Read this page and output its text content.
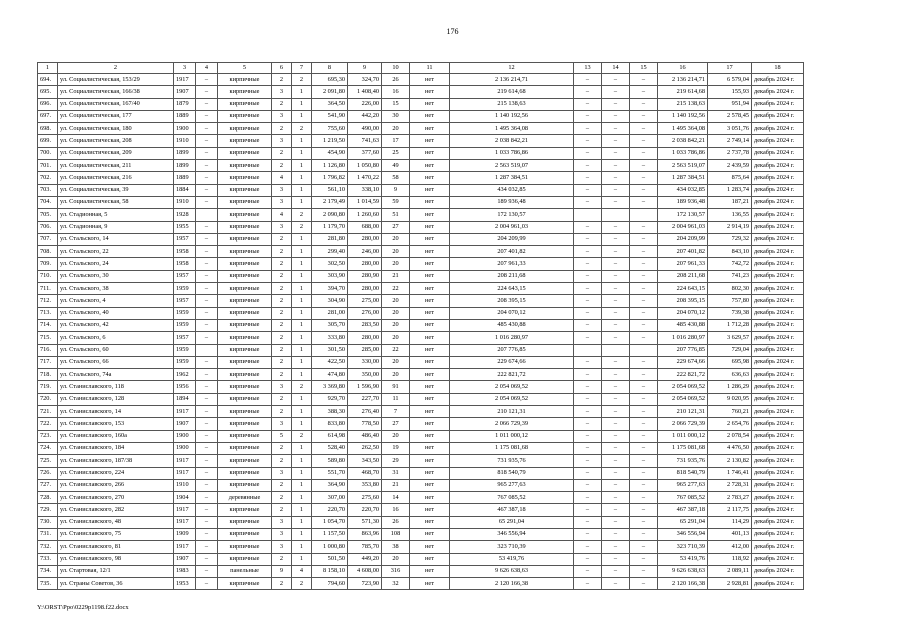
176
1	2	3	4	5	6	7	8	9	10	11	12	13	14	15	16	17	18
694.	ул. Социалистическая, 153/29	1917	–	кирпичные	2	2	695,30	324,70	26	нет	2 136 214,71	–	–	–	2 136 214,71	6 579,04	декабрь 2024 г.
695.	ул. Социалистическая, 166/38	1907	–	кирпичные	3	1	2 091,80	1 408,40	16	нет	219 614,68	–	–	–	219 614,68	155,93	декабрь 2024 г.
696.	ул. Социалистическая, 167/40	1879	–	кирпичные	2	1	364,50	226,00	15	нет	215 138,63	–	–	–	215 138,63	951,94	декабрь 2024 г.
697.	ул. Социалистическая, 177	1889	–	кирпичные	3	1	541,90	442,20	30	нет	1 140 192,56	–	–	–	1 140 192,56	2 578,45	декабрь 2024 г.
698.	ул. Социалистическая, 180	1900	–	кирпичные	2	2	755,60	490,00	20	нет	1 495 364,08	–	–	–	1 495 364,08	3 051,76	декабрь 2024 г.
699.	ул. Социалистическая, 208	1910	–	кирпичные	3	1	1 219,50	741,63	17	нет	2 038 842,21	–	–	–	2 038 842,21	2 749,14	декабрь 2024 г.
700.	ул. Социалистическая, 209	1899	–	кирпичные	2	1	454,90	377,60	25	нет	1 033 786,86	–	–	–	1 033 786,86	2 737,78	декабрь 2024 г.
701.	ул. Социалистическая, 211	1899	–	кирпичные	2	1	1 126,80	1 050,80	49	нет	2 563 519,07	–	–	–	2 563 519,07	2 439,59	декабрь 2024 г.
702.	ул. Социалистическая, 216	1889	–	кирпичные	4	1	1 796,82	1 470,22	58	нет	1 287 384,51	–	–	–	1 287 384,51	875,64	декабрь 2024 г.
703.	ул. Социалистическая, 39	1884	–	кирпичные	3	1	561,10	338,10	9	нет	434 032,85	–	–	–	434 032,85	1 283,74	декабрь 2024 г.
704.	ул. Социалистическая, 58	1910	–	кирпичные	3	1	2 179,49	1 014,59	59	нет	189 936,48	–	–	–	189 936,48	187,21	декабрь 2024 г.
705.	ул. Стадионная, 5	1928		кирпичные	4	2	2 090,80	1 260,60	51	нет	172 130,57				172 130,57	136,55	декабрь 2024 г.
706.	ул. Стадионная, 9	1955	–	кирпичные	3	2	1 179,70	688,00	27	нет	2 004 961,03	–	–	–	2 004 961,03	2 914,19	декабрь 2024 г.
707.	ул. Стальского, 14	1957	–	кирпичные	2	1	281,80	280,00	20	нет	204 209,99	–	–	–	204 209,99	729,32	декабрь 2024 г.
708.	ул. Стальского, 22	1958	–	кирпичные	2	1	299,40	246,00	20	нет	207 401,82	–	–	–	207 401,82	843,10	декабрь 2024 г.
709.	ул. Стальского, 24	1958	–	кирпичные	2	1	302,50	280,00	20	нет	207 961,33	–	–	–	207 961,33	742,72	декабрь 2024 г.
710.	ул. Стальского, 30	1957	–	кирпичные	2	1	303,90	280,90	21	нет	208 211,68	–	–	–	208 211,68	741,23	декабрь 2024 г.
711.	ул. Стальского, 38	1959	–	кирпичные	2	1	394,70	280,00	22	нет	224 643,15	–	–	–	224 643,15	802,30	декабрь 2024 г.
712.	ул. Стальского, 4	1957	–	кирпичные	2	1	304,90	275,00	20	нет	208 395,15	–	–	–	208 395,15	757,80	декабрь 2024 г.
713.	ул. Стальского, 40	1959	–	кирпичные	2	1	281,00	276,00	20	нет	204 070,12	–	–	–	204 070,12	739,38	декабрь 2024 г.
714.	ул. Стальского, 42	1959	–	кирпичные	2	1	305,70	283,50	20	нет	485 430,88	–	–	–	485 430,88	1 712,28	декабрь 2024 г.
715.	ул. Стальского, 6	1957	–	кирпичные	2	1	333,80	280,00	20	нет	1 016 280,97	–	–	–	1 016 280,97	3 629,57	декабрь 2024 г.
716.	ул. Стальского, 60	1959		кирпичные	2	1	301,50	285,00	22	нет	207 776,85				207 776,85	729,04	декабрь 2024 г.
717.	ул. Стальского, 66	1959	–	кирпичные	2	1	422,50	330,00	20	нет	229 674,66	–	–	–	229 674,66	695,98	декабрь 2024 г.
718.	ул. Стальского, 74а	1962	–	кирпичные	2	1	474,80	350,00	20	нет	222 821,72	–	–	–	222 821,72	636,63	декабрь 2024 г.
719.	ул. Станиславского, 118	1956	–	кирпичные	3	2	3 369,80	1 596,90	91	нет	2 054 069,52	–	–	–	2 054 069,52	1 286,29	декабрь 2024 г.
720.	ул. Станиславского, 128	1894	–	кирпичные	2	1	929,70	227,70	11	нет	2 054 069,52	–	–	–	2 054 069,52	9 020,95	декабрь 2024 г.
721.	ул. Станиславского, 14	1917	–	кирпичные	2	1	388,30	276,40	7	нет	210 121,31	–	–	–	210 121,31	760,21	декабрь 2024 г.
722.	ул. Станиславского, 153	1907	–	кирпичные	3	1	833,80	778,50	27	нет	2 066 729,39	–	–	–	2 066 729,39	2 654,76	декабрь 2024 г.
723.	ул. Станиславского, 160а	1900	–	кирпичные	5	2	614,98	486,40	20	нет	1 011 000,12	–	–	–	1 011 000,12	2 078,54	декабрь 2024 г.
724.	ул. Станиславского, 184	1900	–	кирпичные	2	1	528,40	262,50	19	нет	1 175 081,68	–	–	–	1 175 081,68	4 476,50	декабрь 2024 г.
725.	ул. Станиславского, 187/38	1917	–	кирпичные	2	1	589,80	343,50	29	нет	731 935,76	–	–	–	731 935,76	2 130,82	декабрь 2024 г.
726.	ул. Станиславского, 224	1917	–	кирпичные	3	1	551,70	468,70	31	нет	818 540,79	–	–	–	818 540,79	1 746,41	декабрь 2024 г.
727.	ул. Станиславского, 266	1910	–	кирпичные	2	1	364,90	353,80	21	нет	965 277,63	–	–	–	965 277,63	2 728,31	декабрь 2024 г.
728.	ул. Станиславского, 270	1904	–	деревянные	2	1	307,00	275,60	14	нет	767 085,52	–	–	–	767 085,52	2 783,27	декабрь 2024 г.
729.	ул. Станиславского, 282	1917	–	кирпичные	2	1	220,70	220,70	16	нет	467 387,18	–	–	–	467 387,18	2 117,75	декабрь 2024 г.
730.	ул. Станиславского, 48	1917	–	кирпичные	3	1	1 054,70	571,30	26	нет	65 291,04	–	–	–	65 291,04	114,29	декабрь 2024 г.
731.	ул. Станиславского, 75	1909	–	кирпичные	3	1	1 157,50	863,96	108	нет	346 556,94	–	–	–	346 556,94	401,13	декабрь 2024 г.
732.	ул. Станиславского, 81	1917	–	кирпичные	3	1	1 000,80	785,70	38	нет	323 710,39	–	–	–	323 710,39	412,00	декабрь 2024 г.
733.	ул. Станиславского, 98	1907	–	кирпичные	2	1	501,50	449,20	20	нет	53 419,76	–	–	–	53 419,76	118,92	декабрь 2024 г.
734.	ул. Стартовая, 12/1	1983	–	панельные	9	4	8 158,10	4 608,00	316	нет	9 626 638,63	–	–	–	9 626 638,63	2 089,11	декабрь 2024 г.
735.	ул. Страны Советов, 36	1953	–	кирпичные	2	2	794,60	723,90	32	нет	2 120 166,38	–	–	–	2 120 166,38	2 928,81	декабрь 2024 г.
Y:\ORST\Ppo\0229p1198.f22.docx
